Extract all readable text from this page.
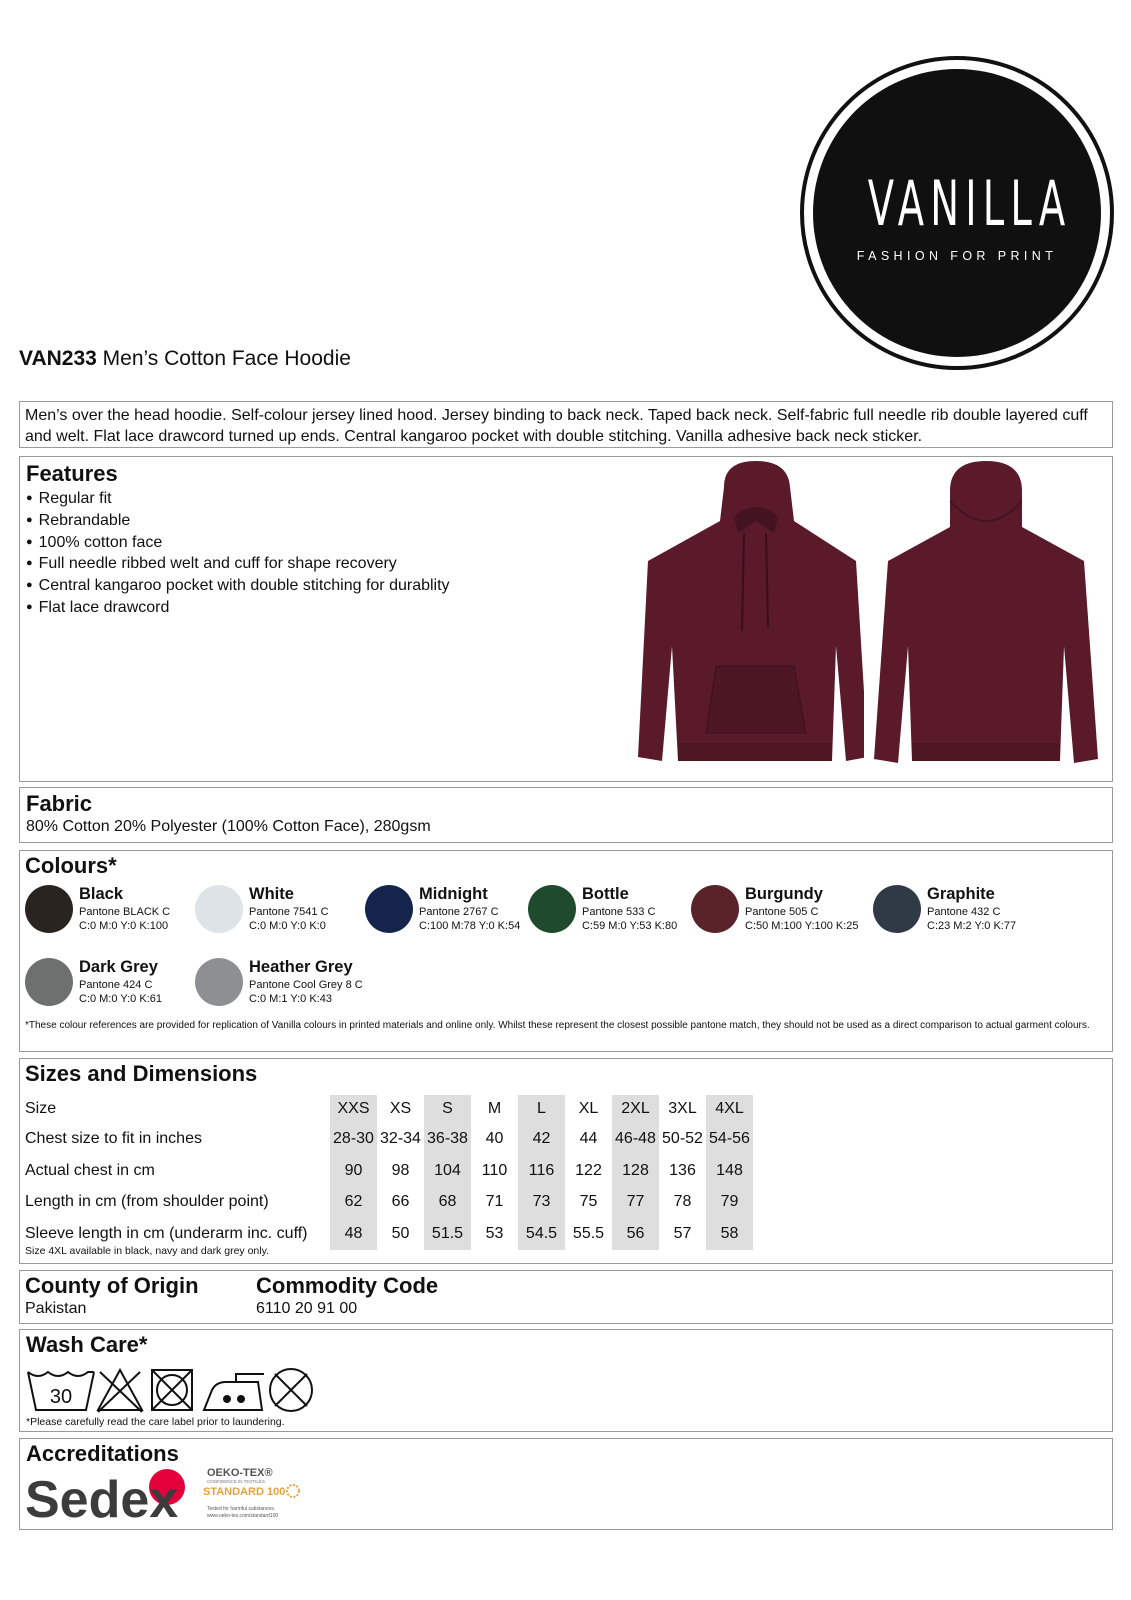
VANILLA
FASHION FOR PRINT
VAN233 Men’s Cotton Face Hoodie
Men’s over the head hoodie. Self-colour jersey lined hood. Jersey binding to back neck. Taped back neck. Self-fabric full needle rib double layered cuff and welt. Flat lace drawcord turned up ends. Central kangaroo pocket with double stitching. Vanilla adhesive back neck sticker.
Features
● Regular fit
● Rebrandable
● 100% cotton face
● Full needle ribbed welt and cuff for shape recovery
● Central kangaroo pocket with double stitching for durablity
● Flat lace drawcord
Fabric
80% Cotton 20% Polyester (100% Cotton Face), 280gsm
Colours*
Black
Pantone BLACK C
C:0 M:0 Y:0 K:100
White
Pantone 7541 C
C:0 M:0 Y:0 K:0
Midnight
Pantone 2767 C
C:100 M:78 Y:0 K:54
Bottle
Pantone 533 C
C:59 M:0 Y:53 K:80
Burgundy
Pantone 505 C
C:50 M:100 Y:100 K:25
Graphite
Pantone 432 C
C:23 M:2 Y:0 K:77
Dark Grey
Pantone 424 C
C:0 M:0 Y:0 K:61
Heather Grey
Pantone Cool Grey 8 C
C:0 M:1 Y:0 K:43
*These colour references are provided for replication of Vanilla colours in printed materials and online only. Whilst these represent the closest possible pantone match, they should not be used as a direct comparison to actual garment colours.
Sizes and Dimensions
Size	XXS	XS	S	M	L	XL	2XL	3XL	4XL
Chest size to fit in inches	28-30	32-34	36-38	40	42	44	46-48	50-52	54-56
Actual chest in cm	90	98	104	110	116	122	128	136	148
Length in cm (from shoulder point)	62	66	68	71	73	75	77	78	79
Sleeve length in cm (underarm inc. cuff)	48	50	51.5	53	54.5	55.5	56	57	58
Size 4XL available in black, navy and dark grey only.
County of Origin
Pakistan
Commodity Code
6110 20 91 00
Wash Care*
30
*Please carefully read the care label prior to laundering.
Accreditations
Sedex	OEKO-TEX®
CONFIDENCE IN TEXTILES
STANDARD 100
Tested for harmful substances.
www.oeko-tex.com/standard100
